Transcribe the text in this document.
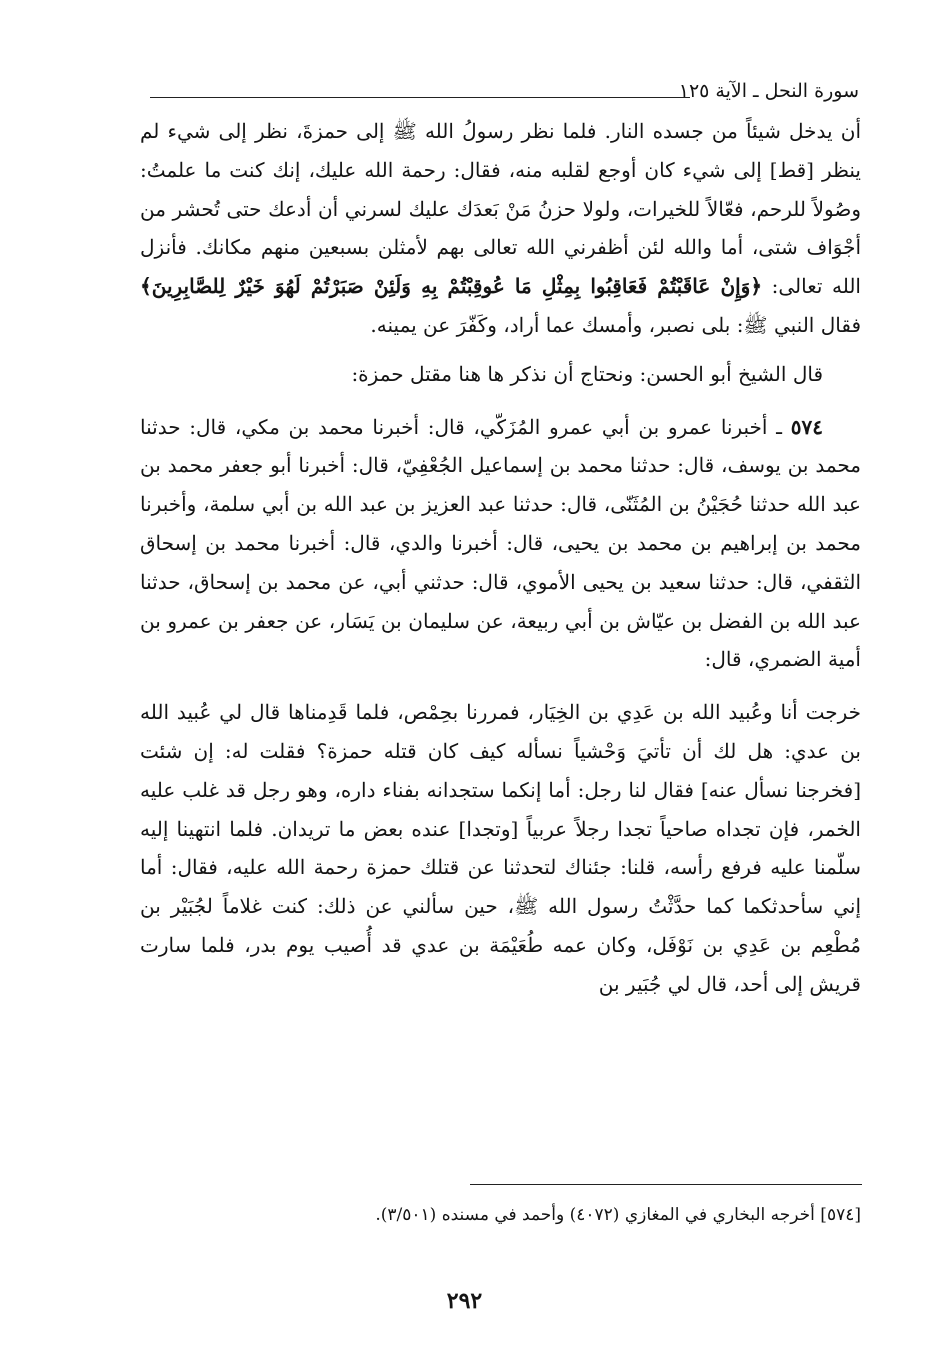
سورة النحل ـ الآية ١٢٥

أن يدخل شيئاً من جسده النار. فلما نظر رسولُ الله ﷺ إلى حمزةَ، نظر إلى شيء لم ينظر [قط] إلى شيء كان أوجع لقلبه منه، فقال: رحمة الله عليك، إنك كنت ما علمتُ: وصُولاً للرحم، فعّالاً للخيرات، ولولا حزنُ مَنْ بَعدَك عليك لسرني أن أدعك حتى تُحشر من أجْوَاف شتى، أما والله لئن أظفرني الله تعالى بهم لأمثلن بسبعين منهم مكانك. فأنزل الله تعالى: ﴿وَإِنْ عَاقَبْتُمْ فَعَاقِبُوا بِمِثْلِ مَا عُوقِبْتُمْ بِهِ وَلَئِنْ صَبَرْتُمْ لَهُوَ خَيْرٌ لِلصَّابِرِينَ﴾ فقال النبي ﷺ: بلى نصبر، وأمسك عما أراد، وكَفّرَ عن يمينه.

قال الشيخ أبو الحسن: ونحتاج أن نذكر ها هنا مقتل حمزة:

٥٧٤ ـ أخبرنا عمرو بن أبي عمرو المُزَكّي، قال: أخبرنا محمد بن مكي، قال: حدثنا محمد بن يوسف، قال: حدثنا محمد بن إسماعيل الجُعْفِيّ، قال: أخبرنا أبو جعفر محمد بن عبد الله حدثنا حُجَيْنُ بن المُثَنّى، قال: حدثنا عبد العزيز بن عبد الله بن أبي سلمة، وأخبرنا محمد بن إبراهيم بن محمد بن يحيى، قال: أخبرنا والدي، قال: أخبرنا محمد بن إسحاق الثقفي، قال: حدثنا سعيد بن يحيى الأموي، قال: حدثني أبي، عن محمد بن إسحاق، حدثنا عبد الله بن الفضل بن عيّاش بن أبي ربيعة، عن سليمان بن يَسَار، عن جعفر بن عمرو بن أمية الضمري، قال:

خرجت أنا وعُبيد الله بن عَدِي بن الخِيَار، فمررنا بحِمْص، فلما قَدِمناها قال لي عُبيد الله بن عدي: هل لك أن تأتيَ وَحْشياً نسأله كيف كان قتله حمزة؟ فقلت له: إن شئت [فخرجنا نسأل عنه] فقال لنا رجل: أما إنكما ستجدانه بفناء داره، وهو رجل قد غلب عليه الخمر، فإن تجداه صاحياً تجدا رجلاً عربياً [وتجدا] عنده بعض ما تريدان. فلما انتهينا إليه سلّمنا عليه فرفع رأسه، قلنا: جئناك لتحدثنا عن قتلك حمزة رحمة الله عليه، فقال: أما إني سأحدثكما كما حدَّثْتُ رسول الله ﷺ، حين سألني عن ذلك: كنت غلاماً لجُبَيْر بن مُطْعِم بن عَدِي بن نَوْفَل، وكان عمه طُعَيْمَة بن عدي قد أُصيب يوم بدر، فلما سارت قريش إلى أحد، قال لي جُبَير بن

[٥٧٤] أخرجه البخاري في المغازي (٤٠٧٢) وأحمد في مسنده (٣/٥٠١).
٢٩٢
